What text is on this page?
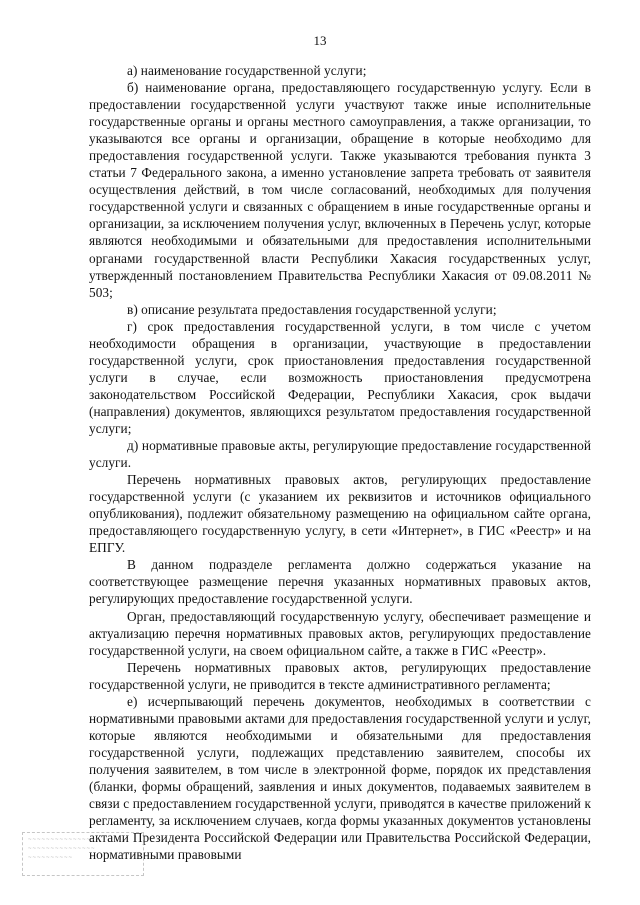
13

а) наименование государственной услуги;

б) наименование органа, предоставляющего государственную услугу. Если в предоставлении государственной услуги участвуют также иные исполнительные государственные органы и органы местного самоуправления, а также организации, то указываются все органы и организации, обращение в которые необходимо для предоставления государственной услуги. Также указываются требования пункта 3 статьи 7 Федерального закона, а именно установление запрета требовать от заявителя осуществления действий, в том числе согласований, необходимых для получения государственной услуги и связанных с обращением в иные государственные органы и организации, за исключением получения услуг, включенных в Перечень услуг, которые являются необходимыми и обязательными для предоставления исполнительными органами государственной власти Республики Хакасия государственных услуг, утвержденный постановлением Правительства Республики Хакасия от 09.08.2011 № 503;

в) описание результата предоставления государственной услуги;

г) срок предоставления государственной услуги, в том числе с учетом необходимости обращения в организации, участвующие в предоставлении государственной услуги, срок приостановления предоставления государственной услуги в случае, если возможность приостановления предусмотрена законодательством Российской Федерации, Республики Хакасия, срок выдачи (направления) документов, являющихся результатом предоставления государственной услуги;

д) нормативные правовые акты, регулирующие предоставление государственной услуги.

Перечень нормативных правовых актов, регулирующих предоставление государственной услуги (с указанием их реквизитов и источников официального опубликования), подлежит обязательному размещению на официальном сайте органа, предоставляющего государственную услугу, в сети «Интернет», в ГИС «Реестр» и на ЕПГУ.

В данном подразделе регламента должно содержаться указание на соответствующее размещение перечня указанных нормативных правовых актов, регулирующих предоставление государственной услуги.

Орган, предоставляющий государственную услугу, обеспечивает размещение и актуализацию перечня нормативных правовых актов, регулирующих предоставление государственной услуги, на своем официальном сайте, а также в ГИС «Реестр».

Перечень нормативных правовых актов, регулирующих предоставление государственной услуги, не приводится в тексте административного регламента;

е) исчерпывающий перечень документов, необходимых в соответствии с нормативными правовыми актами для предоставления государственной услуги и услуг, которые являются необходимыми и обязательными для предоставления государственной услуги, подлежащих представлению заявителем, способы их получения заявителем, в том числе в электронной форме, порядок их представления (бланки, формы обращений, заявления и иных документов, подаваемых заявителем в связи с предоставлением государственной услуги, приводятся в качестве приложений к регламенту, за исключением случаев, когда формы указанных документов установлены актами Президента Российской Федерации или Правительства Российской Федерации, нормативными правовыми

~~~~~~~~~~~~~~~~
~~~~~~~~~~~~~~~
~~~~~~~~~~
